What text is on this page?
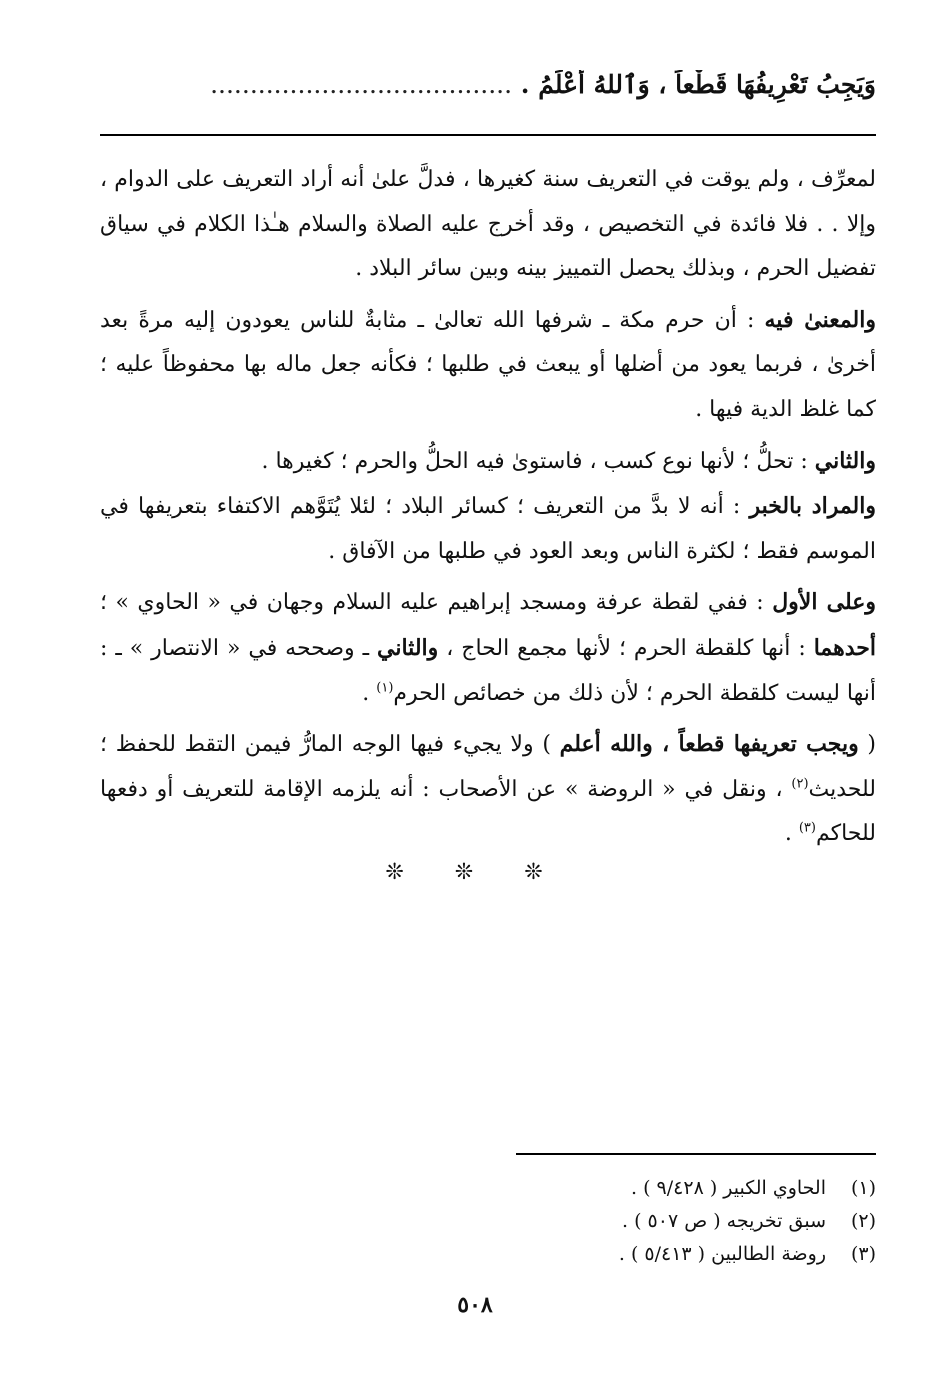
وَيَجِبُ تَعْرِيفُهَا قَطْعاً ، وَٱللهُ أَعْلَمُ . ......................................

لمعرِّف ، ولم يوقت في التعريف سنة كغيرها ، فدلَّ علىٰ أنه أراد التعريف على الدوام ، وإلا . . فلا فائدة في التخصيص ، وقد أخرج عليه الصلاة والسلام هـٰذا الكلام في سياق تفضيل الحرم ، وبذلك يحصل التمييز بينه وبين سائر البلاد .

والمعنىٰ فيه : أن حرم مكة ـ شرفها الله تعالىٰ ـ مثابةٌ للناس يعودون إليه مرةً بعد أخرىٰ ، فربما يعود من أضلها أو يبعث في طلبها ؛ فكأنه جعل ماله بها محفوظاً عليه ؛ كما غلظ الدية فيها .

والثاني : تحلُّ ؛ لأنها نوع كسب ، فاستوىٰ فيه الحلُّ والحرم ؛ كغيرها .

والمراد بالخبر : أنه لا بدَّ من التعريف ؛ كسائر البلاد ؛ لئلا يُتَوَّهم الاكتفاء بتعريفها في الموسم فقط ؛ لكثرة الناس وبعد العود في طلبها من الآفاق .

وعلى الأول : ففي لقطة عرفة ومسجد إبراهيم عليه السلام وجهان في « الحاوي » ؛ أحدهما : أنها كلقطة الحرم ؛ لأنها مجمع الحاج ، والثاني ـ وصححه في « الانتصار » ـ : أنها ليست كلقطة الحرم ؛ لأن ذلك من خصائص الحرم$^{(١)}$ .

( ويجب تعريفها قطعاً ، والله أعلم ) ولا يجيء فيها الوجه المارُّ فيمن التقط للحفظ ؛ للحديث$^{(٢)}$ ، ونقل في « الروضة » عن الأصحاب : أنه يلزمه الإقامة للتعريف أو دفعها للحاكم$^{(٣)}$ .

❊ ❊ ❊
(١)الحاوي الكبير ( ٩/٤٢٨ ) .
(٢)سبق تخريجه ( ص ٥٠٧ ) .
(٣)روضة الطالبين ( ٥/٤١٣ ) .
٥٠٨
